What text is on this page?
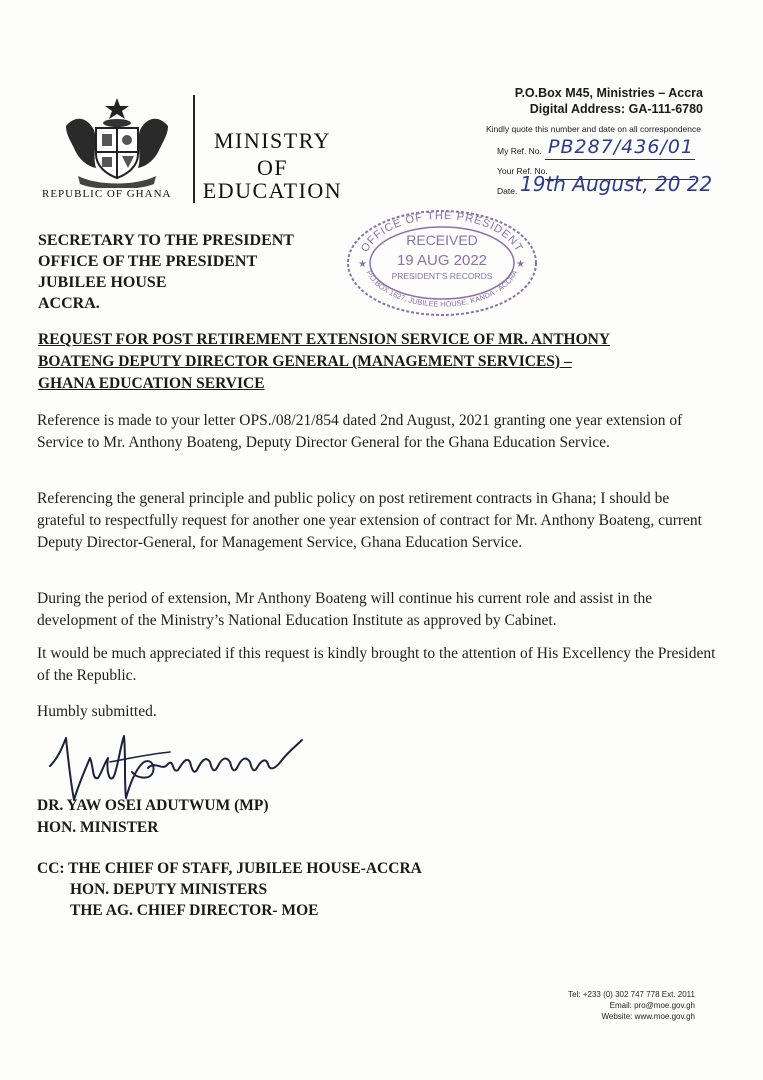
REPUBLIC OF GHANA
MINISTRY
OF
EDUCATION
P.O.Box M45, Ministries – Accra
Digital Address: GA-111-6780
Kindly quote this number and date on all correspondence
My Ref. No. PB287/436/01
Your Ref. No.
Date. 19th August, 20 22
OFFICE OF THE PRESIDENT
P.O.BOX 1627, JUBILEE HOUSE, KANDA - ACCRA
RECEIVED
19 AUG 2022
PRESIDENT'S RECORDS
★	★
SECRETARY TO THE PRESIDENT
OFFICE OF THE PRESIDENT
JUBILEE HOUSE
ACCRA.
REQUEST FOR POST RETIREMENT EXTENSION SERVICE OF MR. ANTHONY
BOATENG DEPUTY DIRECTOR GENERAL (MANAGEMENT SERVICES) –
GHANA EDUCATION SERVICE
Reference is made to your letter OPS./08/21/854 dated 2nd August, 2021 granting one year extension of Service to Mr. Anthony Boateng, Deputy Director General for the Ghana Education Service.
Referencing the general principle and public policy on post retirement contracts in Ghana; I should be grateful to respectfully request for another one year extension of contract for Mr. Anthony Boateng, current Deputy Director-General, for Management Service, Ghana Education Service.
During the period of extension, Mr Anthony Boateng will continue his current role and assist in the development of the Ministry’s National Education Institute as approved by Cabinet.
It would be much appreciated if this request is kindly brought to the attention of His Excellency the President of the Republic.
Humbly submitted.
DR. YAW OSEI ADUTWUM (MP)
HON. MINISTER
CC: THE CHIEF OF STAFF, JUBILEE HOUSE-ACCRA
HON. DEPUTY MINISTERS
THE AG. CHIEF DIRECTOR- MOE
Tel: +233 (0) 302 747 778 Ext. 2011
Email: pro@moe.gov.gh
Website: www.moe.gov.gh
